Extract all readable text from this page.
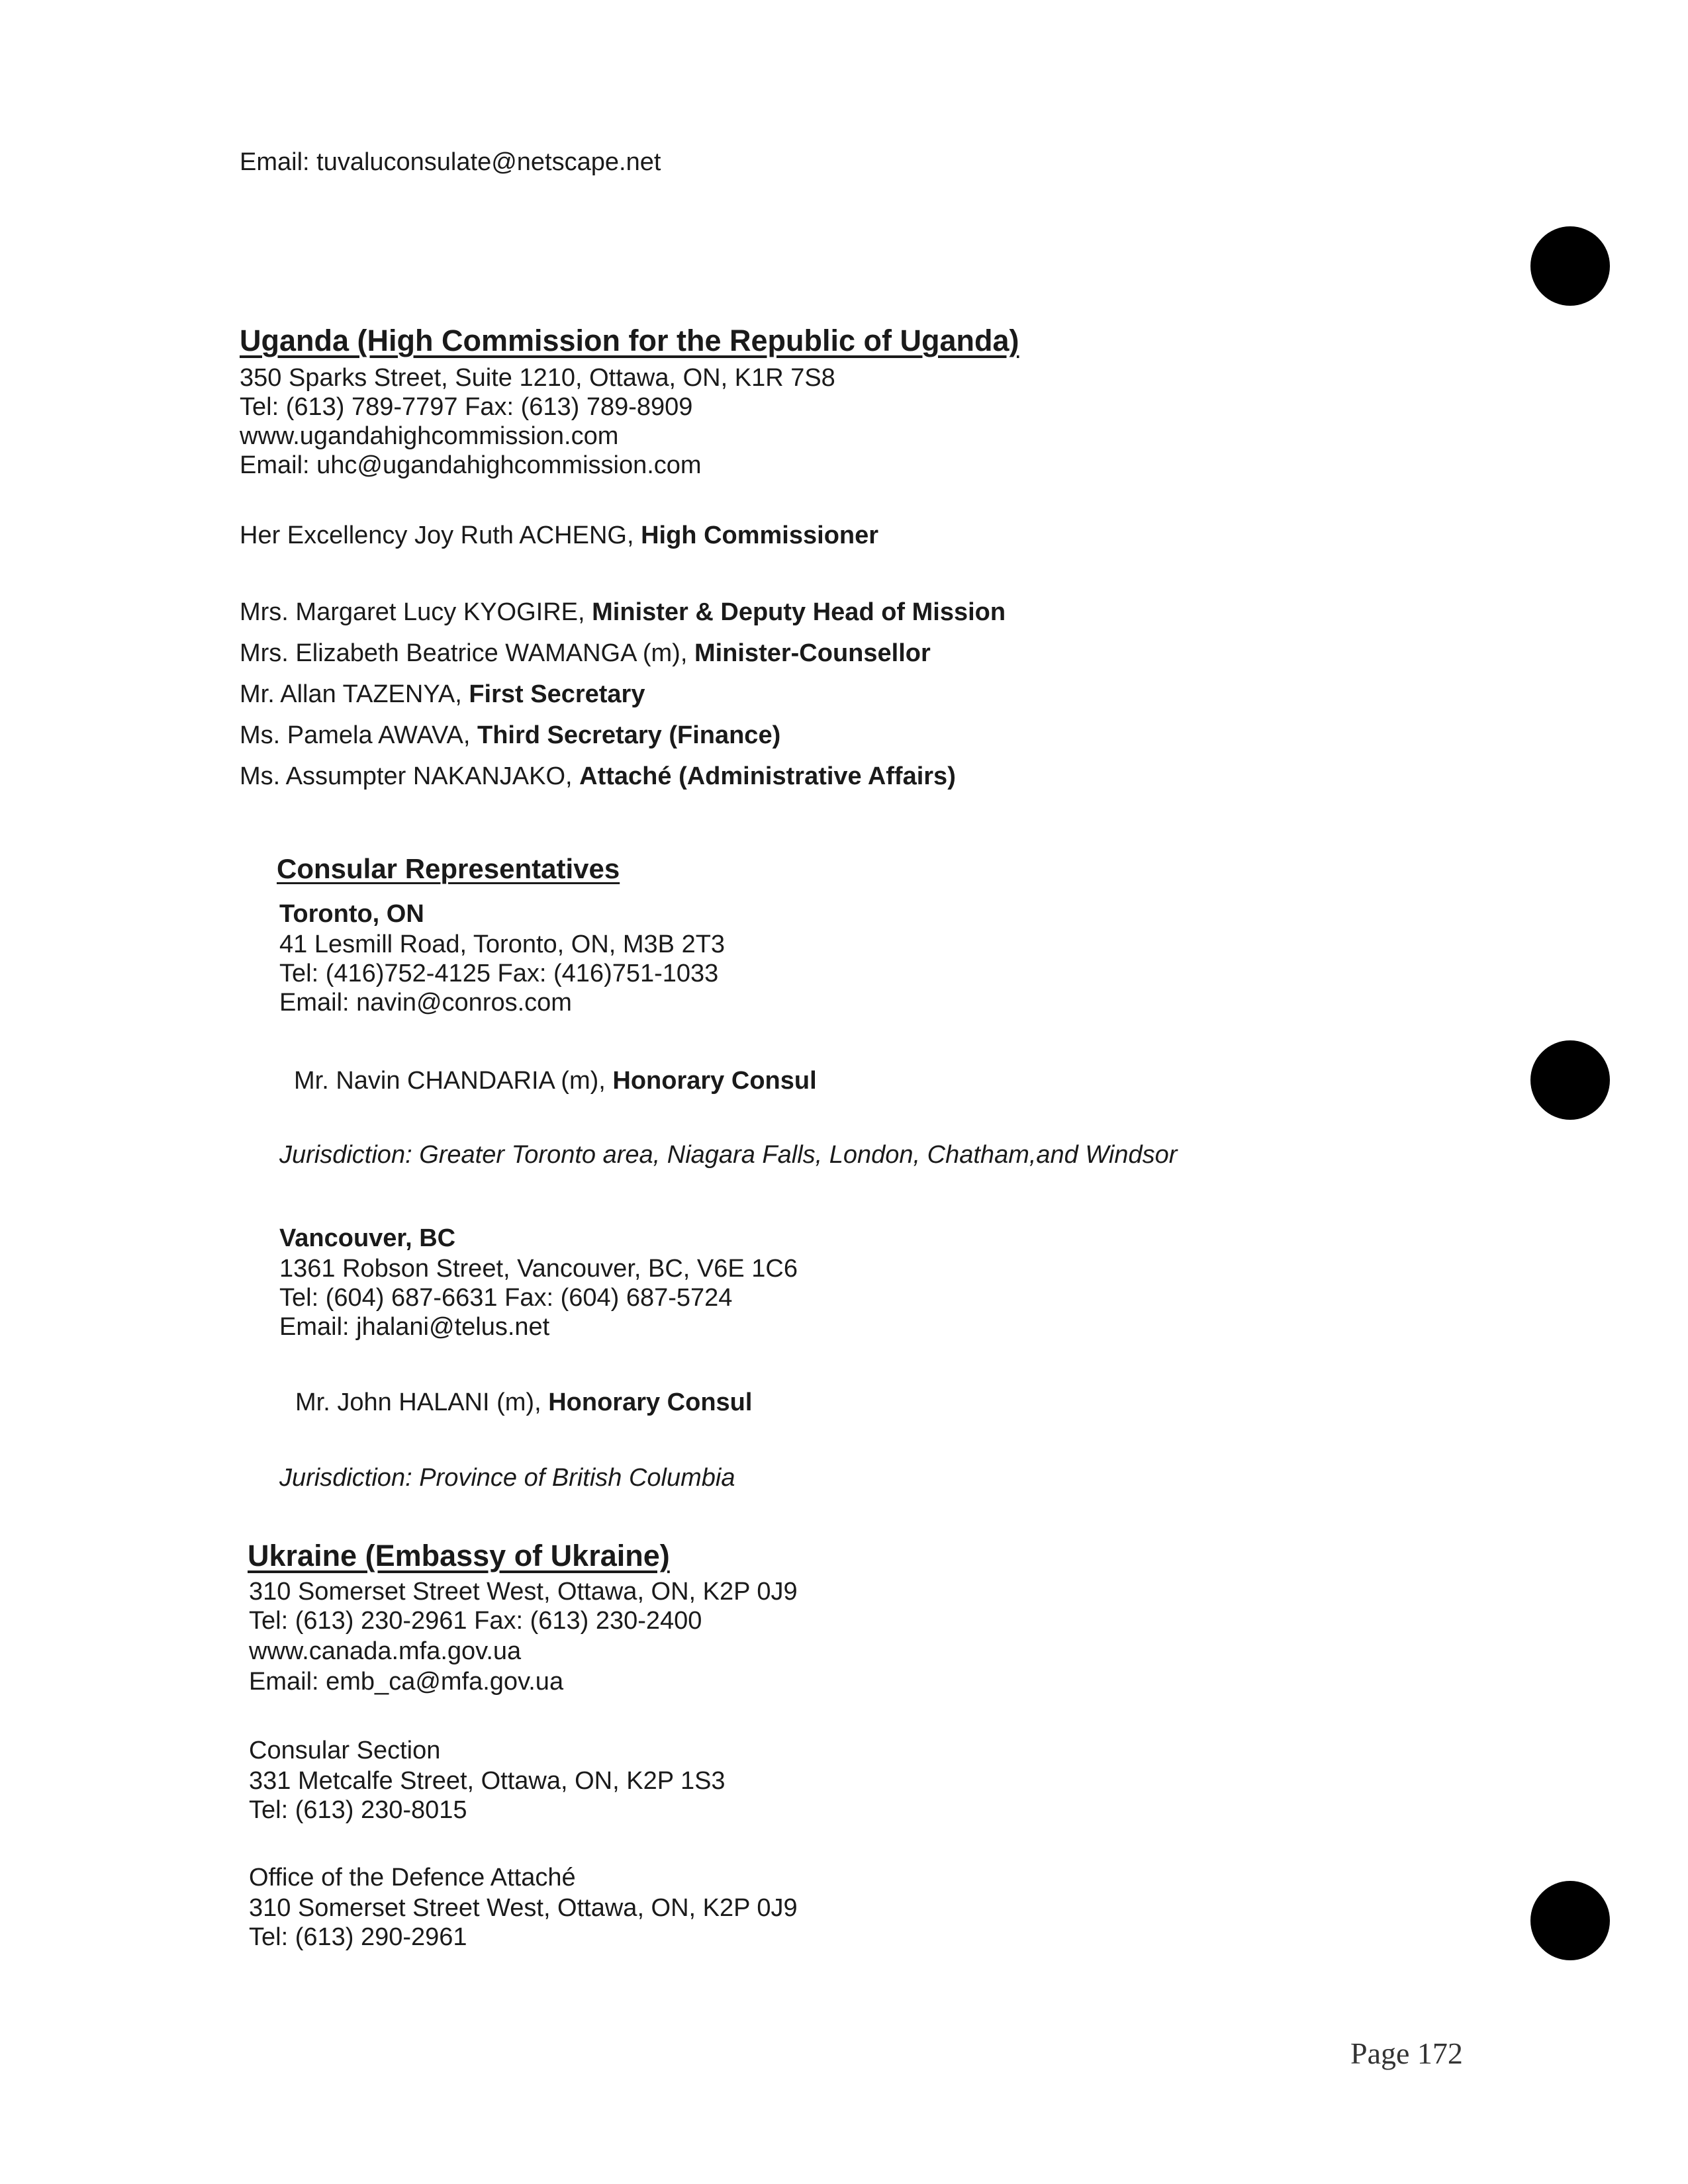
Email: tuvaluconsulate@netscape.net
Uganda (High Commission for the Republic of Uganda)
350 Sparks Street, Suite 1210, Ottawa, ON, K1R 7S8
Tel: (613) 789-7797 Fax: (613) 789-8909
www.ugandahighcommission.com
Email: uhc@ugandahighcommission.com
Her Excellency Joy Ruth ACHENG, High Commissioner
Mrs. Margaret Lucy KYOGIRE, Minister & Deputy Head of Mission
Mrs. Elizabeth Beatrice WAMANGA (m), Minister-Counsellor
Mr. Allan TAZENYA, First Secretary
Ms. Pamela AWAVA, Third Secretary (Finance)
Ms. Assumpter NAKANJAKO, Attaché (Administrative Affairs)
Consular Representatives
Toronto, ON
41 Lesmill Road, Toronto, ON, M3B 2T3
Tel: (416)752-4125 Fax: (416)751-1033
Email: navin@conros.com
Mr. Navin CHANDARIA (m), Honorary Consul
Jurisdiction: Greater Toronto area, Niagara Falls, London, Chatham,and Windsor
Vancouver, BC
1361 Robson Street, Vancouver, BC, V6E 1C6
Tel: (604) 687-6631 Fax: (604) 687-5724
Email: jhalani@telus.net
Mr. John HALANI (m), Honorary Consul
Jurisdiction: Province of British Columbia
Ukraine (Embassy of Ukraine)
310 Somerset Street West, Ottawa, ON, K2P 0J9
Tel: (613) 230-2961 Fax: (613) 230-2400
www.canada.mfa.gov.ua
Email: emb_ca@mfa.gov.ua
Consular Section
331 Metcalfe Street, Ottawa, ON, K2P 1S3
Tel: (613) 230-8015
Office of the Defence Attaché
310 Somerset Street West, Ottawa, ON, K2P 0J9
Tel: (613) 290-2961
Page 172
